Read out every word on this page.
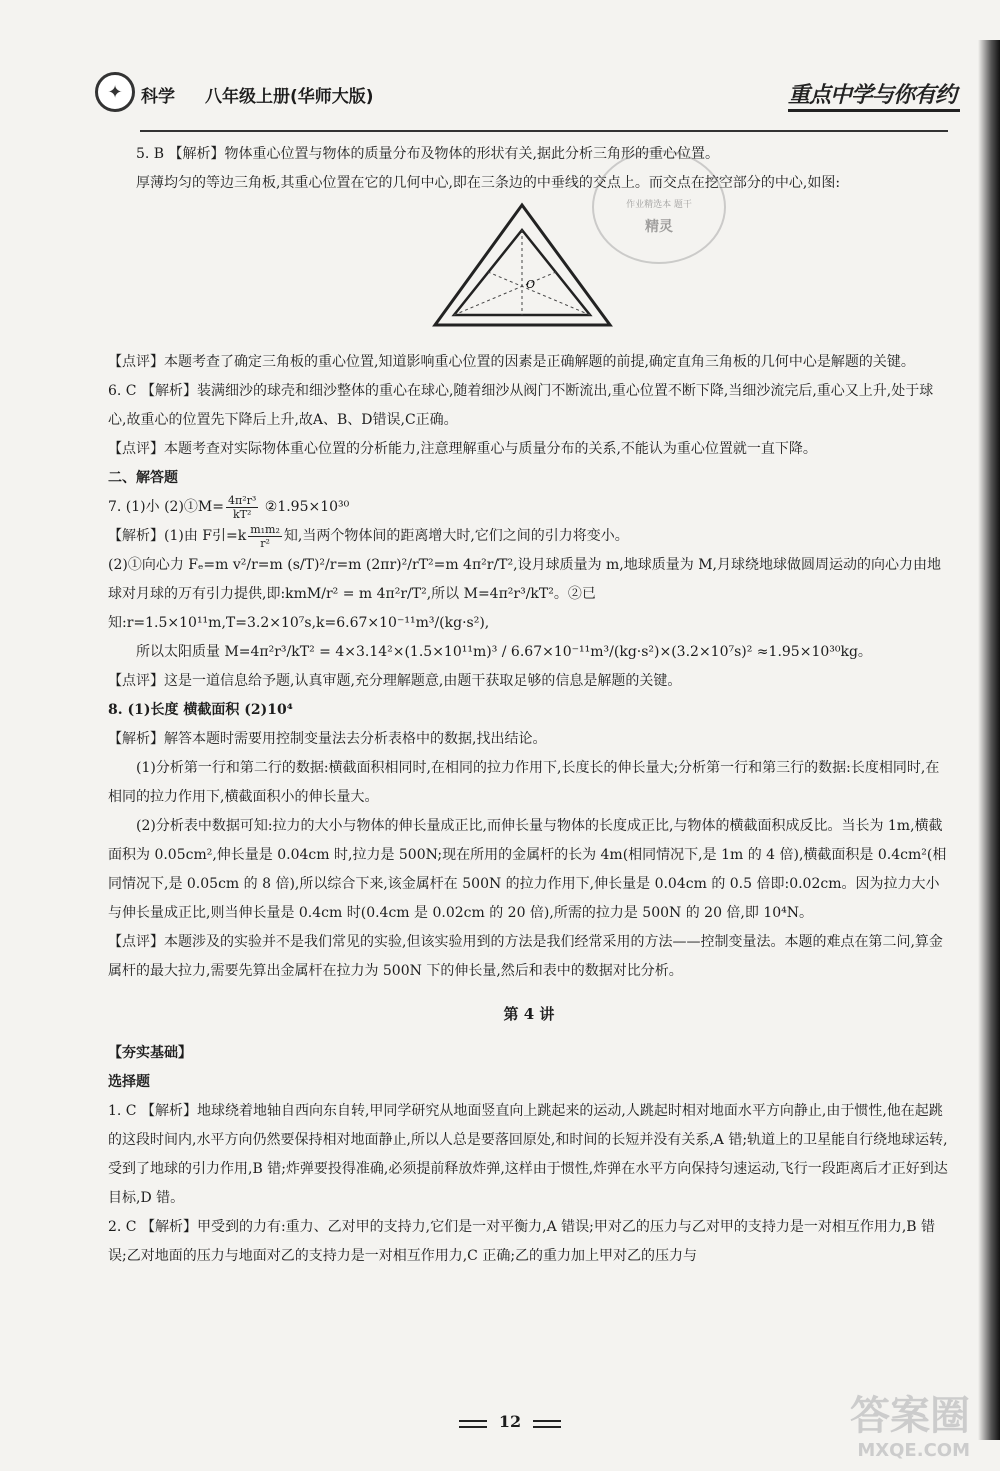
✦	科学 八年级上册(华师大版)	重点中学与你有约
作业精选本 题干
精灵
O

5. B 【解析】物体重心位置与物体的质量分布及物体的形状有关,据此分析三角形的重心位置。

厚薄均匀的等边三角板,其重心位置在它的几何中心,即在三条边的中垂线的交点上。而交点在挖空部分的中心,如图:

【点评】本题考查了确定三角板的重心位置,知道影响重心位置的因素是正确解题的前提,确定直角三角板的几何中心是解题的关键。

6. C 【解析】装满细沙的球壳和细沙整体的重心在球心,随着细沙从阀门不断流出,重心位置不断下降,当细沙流完后,重心又上升,处于球心,故重心的位置先下降后上升,故A、B、D错误,C正确。

【点评】本题考查对实际物体重心位置的分析能力,注意理解重心与质量分布的关系,不能认为重心位置就一直下降。

二、解答题

7. (1)小 (2)①M= $\frac{\text{4π²r³}}{\text{kT²}}$ ②1.95×10³⁰

【解析】(1)由 F引$=k \frac{\text{m₁m₂}}{\text{r²}}$ 知,当两个物体间的距离增大时,它们之间的引力将变小。

(2)①向心力 Fₑ=m v²/r=m (s/T)²/r=m (2πr)²/rT²=m 4π²r/T²,设月球质量为 m,地球质量为 M,月球绕地球做圆周运动的向心力由地球对月球的万有引力提供,即:kmM/r² = m 4π²r/T²,所以 M=4π²r³/kT²。②已知:r=1.5×10¹¹m,T=3.2×10⁷s,k=6.67×10⁻¹¹m³/(kg·s²),

所以太阳质量 M=4π²r³/kT² = 4×3.14²×(1.5×10¹¹m)³ / 6.67×10⁻¹¹m³/(kg·s²)×(3.2×10⁷s)² ≈1.95×10³⁰kg。

【点评】这是一道信息给予题,认真审题,充分理解题意,由题干获取足够的信息是解题的关键。

8. (1)长度 横截面积 (2)10⁴

【解析】解答本题时需要用控制变量法去分析表格中的数据,找出结论。

(1)分析第一行和第二行的数据:横截面积相同时,在相同的拉力作用下,长度长的伸长量大;分析第一行和第三行的数据:长度相同时,在相同的拉力作用下,横截面积小的伸长量大。

(2)分析表中数据可知:拉力的大小与物体的伸长量成正比,而伸长量与物体的长度成正比,与物体的横截面积成反比。当长为 1m,横截面积为 0.05cm²,伸长量是 0.04cm 时,拉力是 500N;现在所用的金属杆的长为 4m(相同情况下,是 1m 的 4 倍),横截面积是 0.4cm²(相同情况下,是 0.05cm 的 8 倍),所以综合下来,该金属杆在 500N 的拉力作用下,伸长量是 0.04cm 的 0.5 倍即:0.02cm。因为拉力大小与伸长量成正比,则当伸长量是 0.4cm 时(0.4cm 是 0.02cm 的 20 倍),所需的拉力是 500N 的 20 倍,即 10⁴N。

【点评】本题涉及的实验并不是我们常见的实验,但该实验用到的方法是我们经常采用的方法——控制变量法。本题的难点在第二问,算金属杆的最大拉力,需要先算出金属杆在拉力为 500N 下的伸长量,然后和表中的数据对比分析。

第 4 讲

【夯实基础】

选择题

1. C 【解析】地球绕着地轴自西向东自转,甲同学研究从地面竖直向上跳起来的运动,人跳起时相对地面水平方向静止,由于惯性,他在起跳的这段时间内,水平方向仍然要保持相对地面静止,所以人总是要落回原处,和时间的长短并没有关系,A 错;轨道上的卫星能自行绕地球运转,受到了地球的引力作用,B 错;炸弹要投得准确,必须提前释放炸弹,这样由于惯性,炸弹在水平方向保持匀速运动,飞行一段距离后才正好到达目标,D 错。

2. C 【解析】甲受到的力有:重力、乙对甲的支持力,它们是一对平衡力,A 错误;甲对乙的压力与乙对甲的支持力是一对相互作用力,B 错误;乙对地面的压力与地面对乙的支持力是一对相互作用力,C 正确;乙的重力加上甲对乙的压力与

12	答案圈
MXQE.COM
